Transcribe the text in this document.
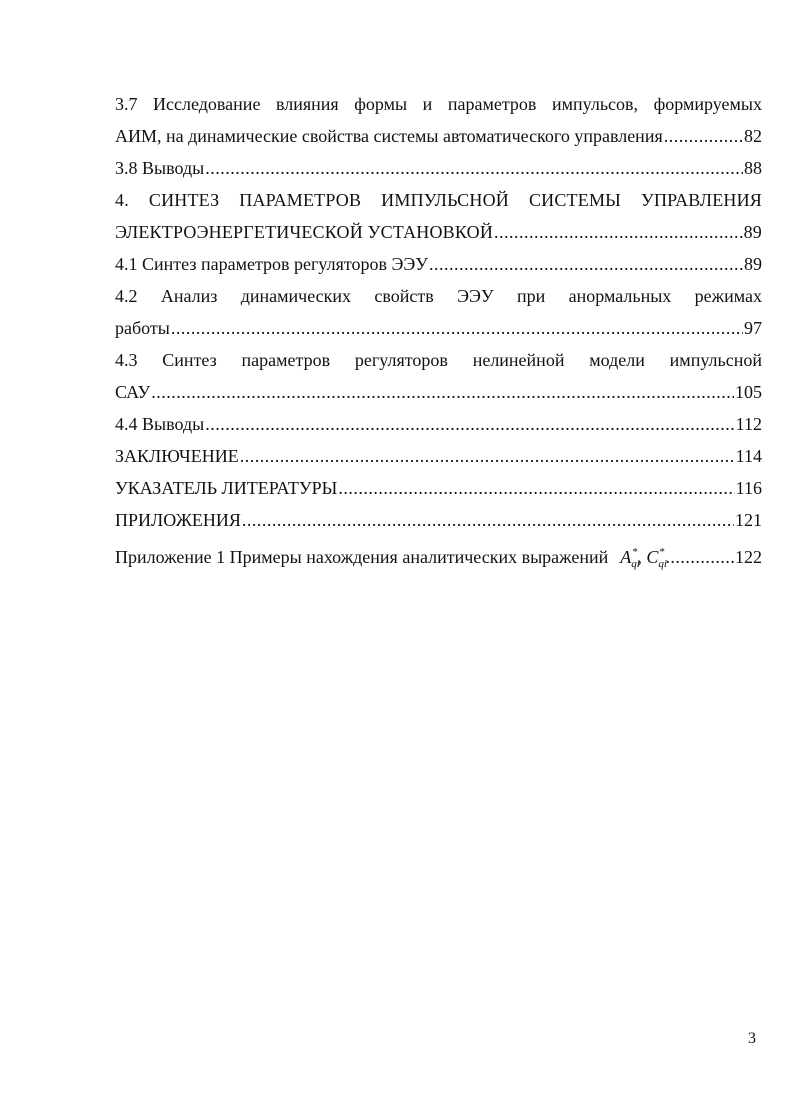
3.7 Исследование влияния формы и параметров импульсов, формируемых
АИМ, на динамические свойства системы автоматического управления .....	82
3.8 Выводы .....	88
4. СИНТЕЗ ПАРАМЕТРОВ ИМПУЛЬСНОЙ СИСТЕМЫ УПРАВЛЕНИЯ
ЭЛЕКТРОЭНЕРГЕТИЧЕСКОЙ УСТАНОВКОЙ .....	89
4.1 Синтез параметров регуляторов ЭЭУ .....	89
4.2 Анализ динамических свойств ЭЭУ при анормальных режимах
работы .....	97
4.3 Синтез параметров регуляторов нелинейной модели импульсной
САУ .....	105
4.4 Выводы .....	112
ЗАКЛЮЧЕНИЕ .....	114
УКАЗАТЕЛЬ ЛИТЕРАТУРЫ .....	116
ПРИЛОЖЕНИЯ .....	121
Приложение 1 Примеры нахождения аналитических выражений $A_{qi}^*$, $C_{qi}^*$ .....	122
3
